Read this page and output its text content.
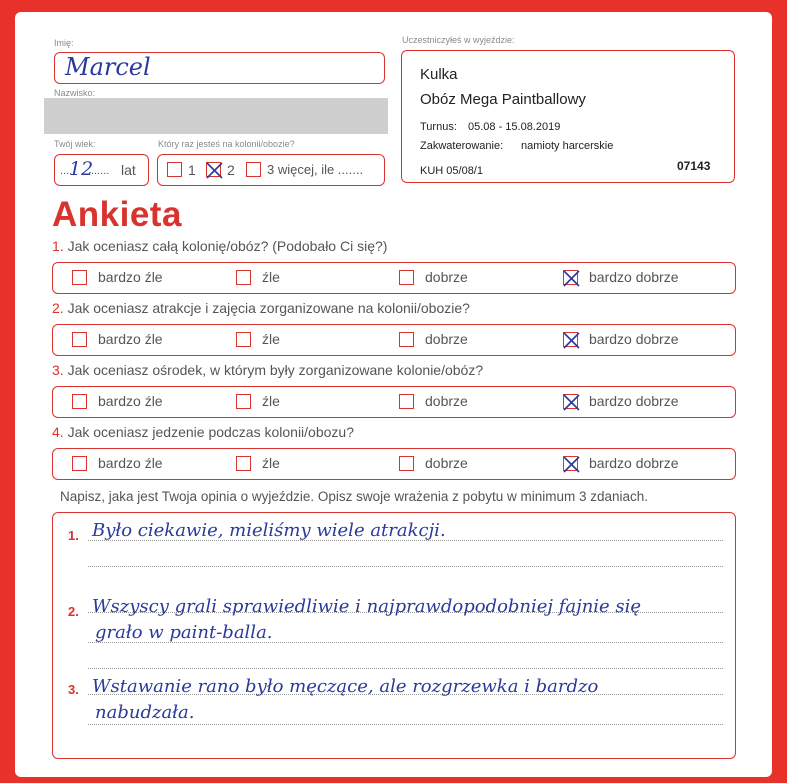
Imię:
Marcel
Nazwisko:
Twój wiek:
....
12
...... lat
Który raz jesteś na kolonii/obozie?
1 2 3 więcej, ile .......
Uczestniczyłeś w wyjeździe:
Kulka
Obóz Mega Paintballowy
Turnus: 05.08 - 15.08.2019
Zakwaterowanie: namioty harcerskie
KUH 05/08/1	07143
Ankieta
1. Jak oceniasz całą kolonię/obóz? (Podobało Ci się?)
bardzo źle	źle	dobrze	bardzo dobrze
2. Jak oceniasz atrakcje i zajęcia zorganizowane na kolonii/obozie?
bardzo źle	źle	dobrze	bardzo dobrze
3. Jak oceniasz ośrodek, w którym były zorganizowane kolonie/obóz?
bardzo źle	źle	dobrze	bardzo dobrze
4. Jak oceniasz jedzenie podczas kolonii/obozu?
bardzo źle	źle	dobrze	bardzo dobrze
Napisz, jaka jest Twoja opinia o wyjeździe. Opisz swoje wrażenia z pobytu w minimum 3 zdaniach.
1. Było ciekawie, mieliśmy wiele atrakcji.
2. Wszyscy grali sprawiedliwie i najprawdopodobniej fajnie się
grało w paint-balla.
3. Wstawanie rano było męczące, ale rozgrzewka i bardzo
nabudzała.
